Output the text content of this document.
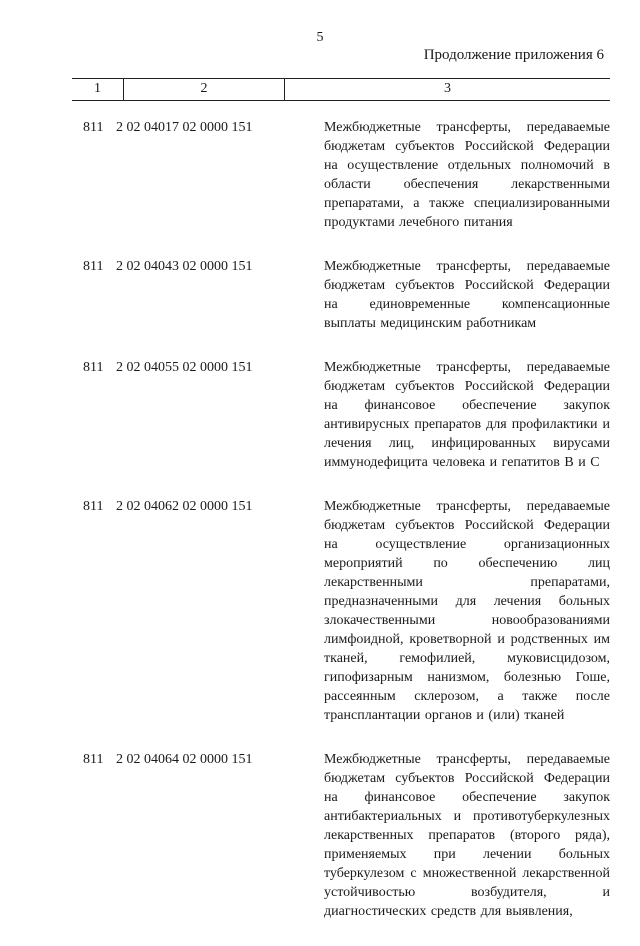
5
Продолжение приложения 6
1	2	3
811 2 02 04017 02 0000 151	Межбюджетные трансферты, передаваемые бюджетам субъектов Российской Федерации на осуществление отдельных полномочий в области обеспечения лекарственными препаратами, а также специализированными продуктами лечебного питания
811 2 02 04043 02 0000 151	Межбюджетные трансферты, передаваемые бюджетам субъектов Российской Федерации на единовременные компенсационные выплаты медицинским работникам
811 2 02 04055 02 0000 151	Межбюджетные трансферты, передаваемые бюджетам субъектов Российской Федерации на финансовое обеспечение закупок антивирусных препаратов для профилактики и лечения лиц, инфицированных вирусами иммунодефицита человека и гепатитов В и С
811 2 02 04062 02 0000 151	Межбюджетные трансферты, передаваемые бюджетам субъектов Российской Федерации на осуществление организационных мероприятий по обеспечению лиц лекарственными препаратами, предназначенными для лечения больных злокачественными новообразованиями лимфоидной, кроветворной и родственных им тканей, гемофилией, муковисцидозом, гипофизарным нанизмом, болезнью Гоше, рассеянным склерозом, а также после трансплантации органов и (или) тканей
811 2 02 04064 02 0000 151	Межбюджетные трансферты, передаваемые бюджетам субъектов Российской Федерации на финансовое обеспечение закупок антибактериальных и противотуберкулезных лекарственных препаратов (второго ряда), применяемых при лечении больных туберкулезом с множественной лекарственной устойчивостью возбудителя, и диагностических средств для выявления,
